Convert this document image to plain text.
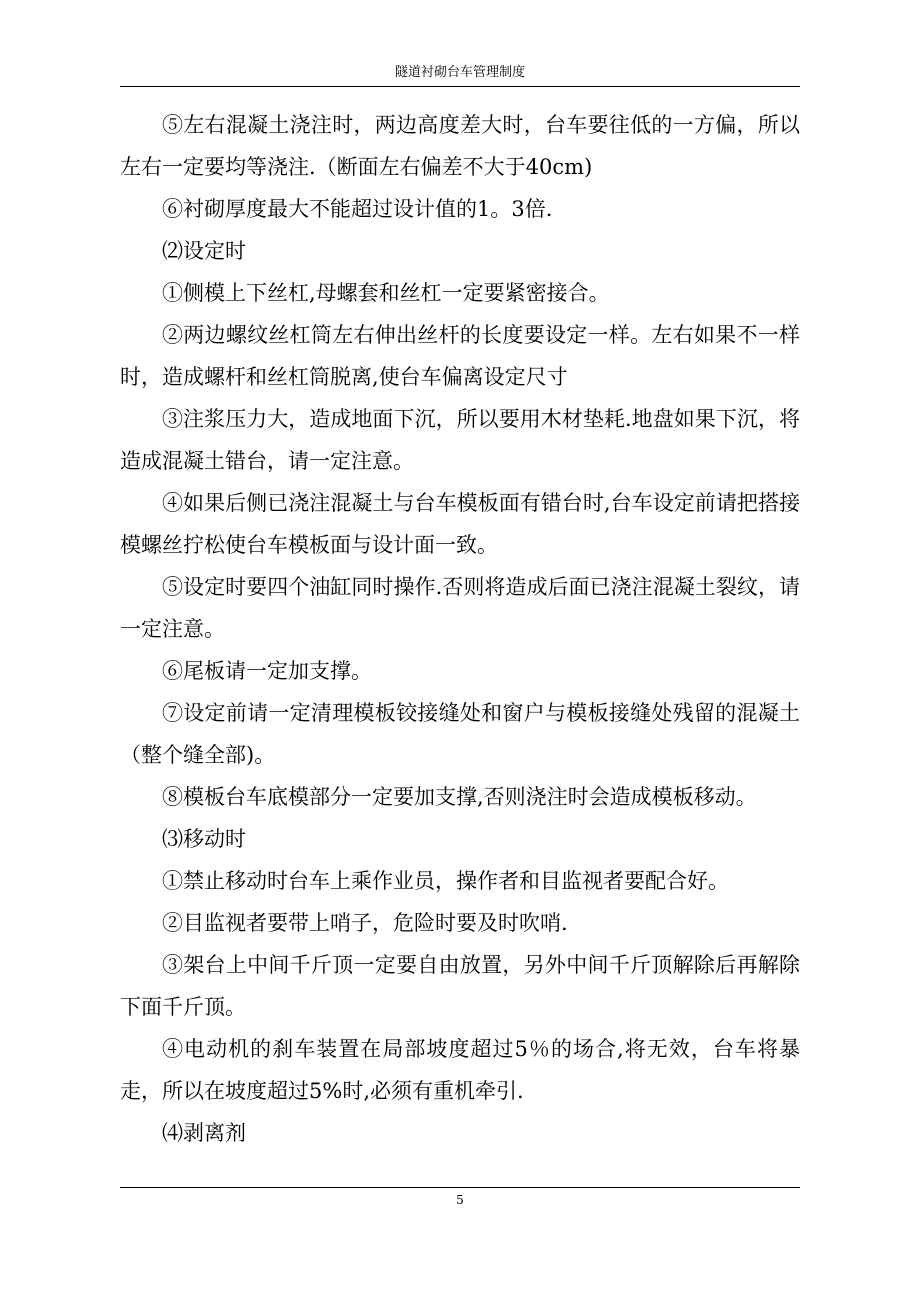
隧道衬砌台车管理制度

⑤左右混凝土浇注时，两边高度差大时，台车要往低的一方偏，所以左右一定要均等浇注.（断面左右偏差不大于40cm)

⑥衬砌厚度最大不能超过设计值的1。3倍.

⑵设定时

①侧模上下丝杠,母螺套和丝杠一定要紧密接合。

②两边螺纹丝杠筒左右伸出丝杆的长度要设定一样。左右如果不一样时，造成螺杆和丝杠筒脱离,使台车偏离设定尺寸

③注浆压力大，造成地面下沉，所以要用木材垫耗.地盘如果下沉，将造成混凝土错台，请一定注意。

④如果后侧已浇注混凝土与台车模板面有错台时,台车设定前请把搭接模螺丝拧松使台车模板面与设计面一致。

⑤设定时要四个油缸同时操作.否则将造成后面已浇注混凝土裂纹，请一定注意。

⑥尾板请一定加支撑。

⑦设定前请一定清理模板铰接缝处和窗户与模板接缝处残留的混凝土（整个缝全部)。

⑧模板台车底模部分一定要加支撑,否则浇注时会造成模板移动。

⑶移动时

①禁止移动时台车上乘作业员，操作者和目监视者要配合好。

②目监视者要带上哨子，危险时要及时吹哨.

③架台上中间千斤顶一定要自由放置，另外中间千斤顶解除后再解除下面千斤顶。

④电动机的刹车装置在局部坡度超过5％的场合,将无效，台车将暴走，所以在坡度超过5%时,必须有重机牵引.

⑷剥离剂

5
